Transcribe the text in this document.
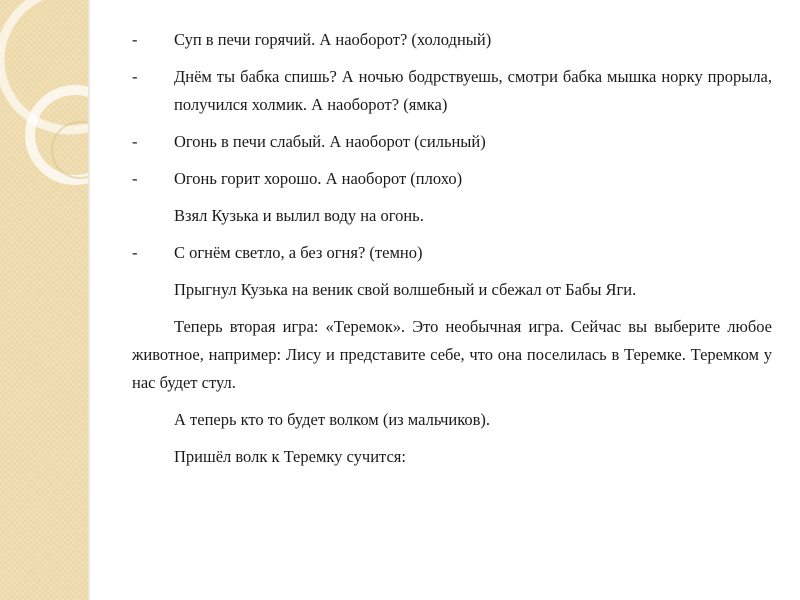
- Суп в печи горячий. А наоборот? (холодный)
- Днём ты бабка спишь? А ночью бодрствуешь, смотри бабка мышка норку прорыла, получился холмик. А наоборот? (ямка)
- Огонь в печи слабый. А наоборот (сильный)
- Огонь горит хорошо. А наоборот (плохо)
Взял Кузька и вылил воду на огонь.
- С огнём светло, а без огня? (темно)
Прыгнул Кузька на веник свой волшебный и сбежал от Бабы Яги.
Теперь вторая игра: «Теремок». Это необычная игра. Сейчас вы выберите любое животное, например: Лису и представите себе, что она поселилась в Теремке. Теремком у нас будет стул.
А теперь кто то будет волком (из мальчиков).
Пришёл волк к Теремку сучится:
